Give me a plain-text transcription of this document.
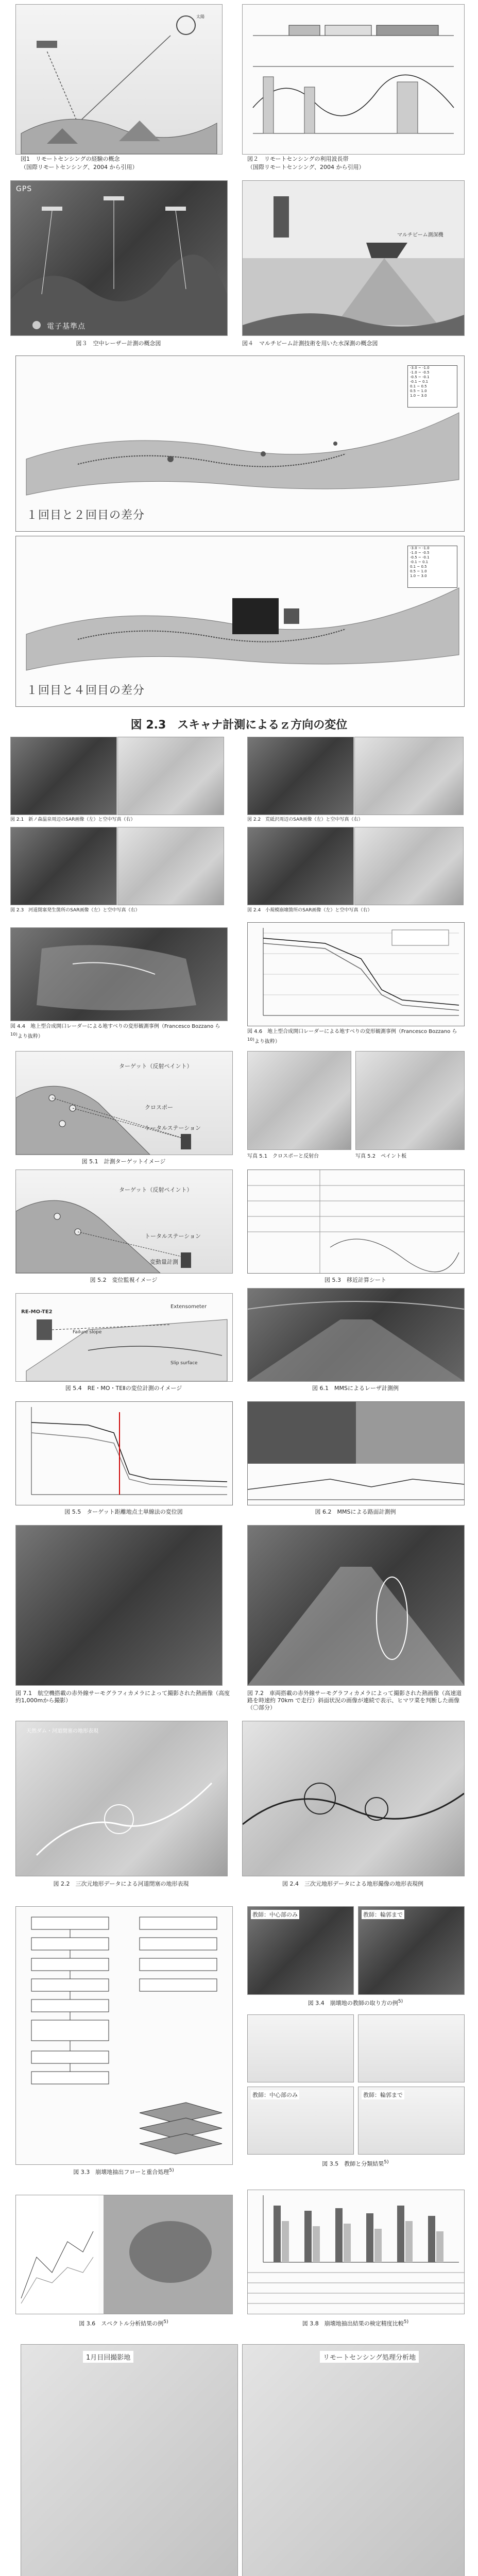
太陽
図1　リモートセンシングの経験の概念
（国際リモートセンシング、2004 から引用）
図２　リモートセンシングの利用波長帯
（国際リモートセンシング、2004 から引用）
GPS
電子基準点
図３　空中レーザー計測の概念図
マルチビーム測深機
図４　マルチビーム計測技術を用いた水深測の概念図
-3.0 ~ -1.0
-1.0 ~ -0.5
-0.5 ~ -0.1
-0.1 ~ 0.1
0.1 ~ 0.5
0.5 ~ 1.0
1.0 ~ 3.0
１回目と２回目の差分
-3.0 ~ -1.0
-1.0 ~ -0.5
-0.5 ~ -0.1
-0.1 ~ 0.1
0.1 ~ 0.5
0.5 ~ 1.0
1.0 ~ 3.0
１回目と４回目の差分
図 2.3　スキャナ計測によるｚ方向の変位
図 2.1　新ノ森温泉周辺のSAR画像（左）と空中写真（右）	図 2.2　荒砥沢周辺のSAR画像（左）と空中写真（右）
図 2.3　河道閉塞発生箇所のSAR画像（左）と空中写真（右）	図 2.4　小規模崩壊箇所のSAR画像（左）と空中写真（右）
図 4.4　地上型合成開口レーダーによる地すべりの変形観測事例（Francesco Bozzano ら$^{10)}$より抜粋）
図 4.6　地上型合成開口レーダーによる地すべりの変形観測事例（Francesco Bozzano ら$^{10)}$より抜粋）
ターゲット（反射ペイント）
クロスポー
トータルステーション
図 5.1　計測ターゲットイメージ
写真 5.1　クロスポーと反射台	写真 5.2　ペイント板
ターゲット（反射ペイント）
トータルステーション
変動量計測
図 5.2　変位監視イメージ	図 5.3　移近計算シート
RE-MO-TE2
Extensometer
Failure slope
Slip surface
図 5.4　RE・MO・TEⅡの変位計測のイメージ	図 6.1　MMSによるレーザ計測例
図 5.5　ターゲット距離地点土単線法の変位図	図 6.2　MMSによる路面計測例
図 7.1　航空機搭載の赤外線サーモグラフィカメラによって撮影された熱画像（高度約1,000mから撮影）
図 7.2　車両搭載の赤外線サーモグラフィカメラによって撮影された熱画像（高速道路を時速約 70km で走行）斜面状況の画像が連続で表示、ヒマワ菜を判断した画像（〇部分）
天然ダム・河道閉塞の地形表現
図 2.2　三次元地形データによる河道閉塞の地形表現	図 2.4　三次元地形データによる地形撮像の地形表現例
図 3.3　崩壊地抽出フローと重合処理$^{5)}$
教師：中心部のみ	教師：輪郭まで
図 3.4　崩壊地の教師の取り方の例$^{5)}$
教師：中心部のみ	教師：輪郭まで
図 3.5　教師と分類結果$^{5)}$
図 3.6　スペクトル分析結果の例$^{5)}$	図 3.8　崩壊地抽出結果の検定精度比較$^{5)}$
1月目回撮影地	リモートセンシング処理分析地
